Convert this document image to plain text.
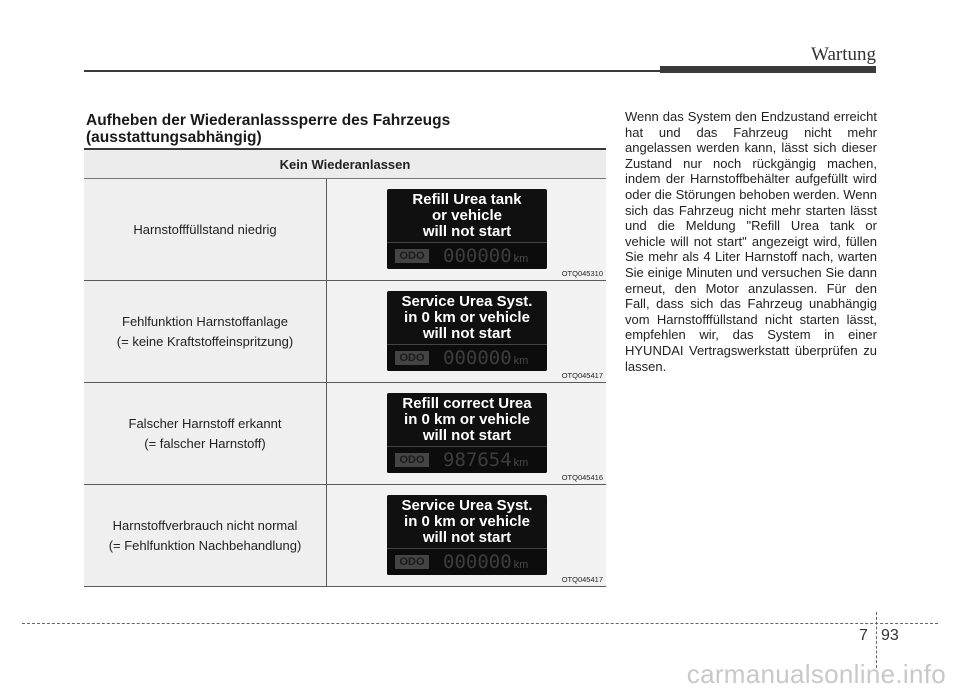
Wartung
Aufheben der Wiederanlasssperre des Fahrzeugs (ausstattungsabhängig)
Kein Wiederanlassen
Harnstofffüllstand niedrig
Refill Urea tank
or vehicle
will not start
ODO 000000 km
OTQ045310
Fehlfunktion Harnstoffanlage
(= keine Kraftstoffeinspritzung)
Service Urea Syst.
in 0 km or vehicle
will not start
ODO 000000 km
OTQ045417
Falscher Harnstoff erkannt
(= falscher Harnstoff)
Refill correct Urea
in 0 km or vehicle
will not start
ODO 987654 km
OTQ045416
Harnstoffverbrauch nicht normal
(= Fehlfunktion Nachbehandlung)
Service Urea Syst.
in 0 km or vehicle
will not start
ODO 000000 km
OTQ045417
Wenn das System den Endzustand erreicht hat und das Fahrzeug nicht mehr angelassen werden kann, lässt sich dieser Zustand nur noch rückgängig machen, indem der Harnstoffbehälter aufgefüllt wird oder die Störungen behoben werden. Wenn sich das Fahrzeug nicht mehr starten lässt und die Meldung "Refill Urea tank or vehicle will not start" angezeigt wird, füllen Sie mehr als 4 Liter Harnstoff nach, warten Sie einige Minuten und versuchen Sie dann erneut, den Motor anzulassen. Für den Fall, dass sich das Fahrzeug unabhängig vom Harnstofffüllstand nicht starten lässt, empfehlen wir, das System in einer HYUNDAI Vertragswerkstatt überprüfen zu lassen.
7 93
carmanualsonline.info
